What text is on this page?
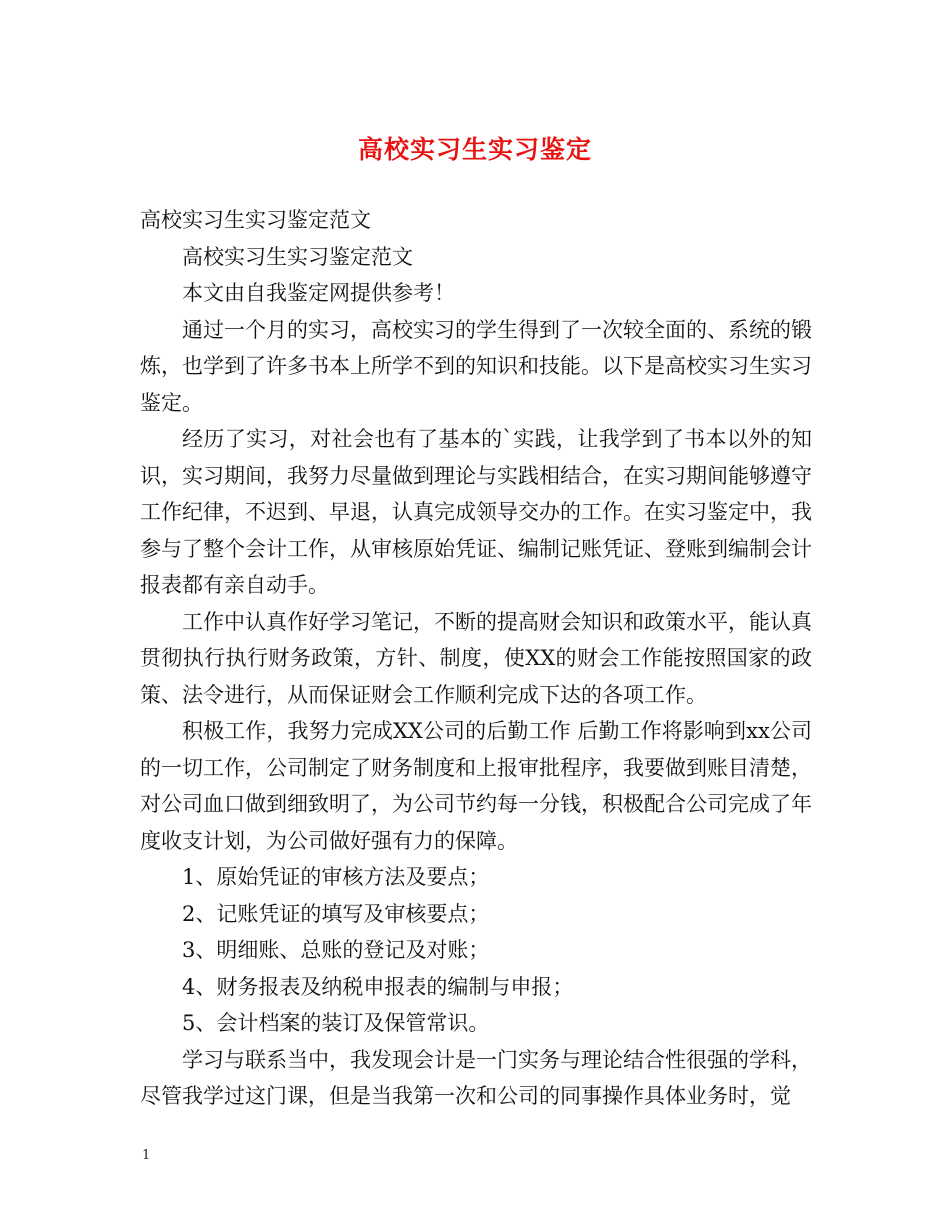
高校实习生实习鉴定

高校实习生实习鉴定范文

高校实习生实习鉴定范文

本文由自我鉴定网提供参考！

通过一个月的实习，高校实习的学生得到了一次较全面的、系统的锻炼，也学到了许多书本上所学不到的知识和技能。以下是高校实习生实习鉴定。

经历了实习，对社会也有了基本的`实践，让我学到了书本以外的知识，实习期间，我努力尽量做到理论与实践相结合，在实习期间能够遵守工作纪律，不迟到、早退，认真完成领导交办的工作。在实习鉴定中，我参与了整个会计工作，从审核原始凭证、编制记账凭证、登账到编制会计报表都有亲自动手。

工作中认真作好学习笔记，不断的提高财会知识和政策水平，能认真贯彻执行执行财务政策，方针、制度，使XX的财会工作能按照国家的政策、法令进行，从而保证财会工作顺利完成下达的各项工作。

积极工作，我努力完成XX公司的后勤工作 后勤工作将影响到xx公司的一切工作，公司制定了财务制度和上报审批程序，我要做到账目清楚，对公司血口做到细致明了，为公司节约每一分钱，积极配合公司完成了年度收支计划，为公司做好强有力的保障。

1、原始凭证的审核方法及要点；

2、记账凭证的填写及审核要点；

3、明细账、总账的登记及对账；

4、财务报表及纳税申报表的编制与申报；

5、会计档案的装订及保管常识。

学习与联系当中，我发现会计是一门实务与理论结合性很强的学科，尽管我学过这门课，但是当我第一次和公司的同事操作具体业务时，觉

1
